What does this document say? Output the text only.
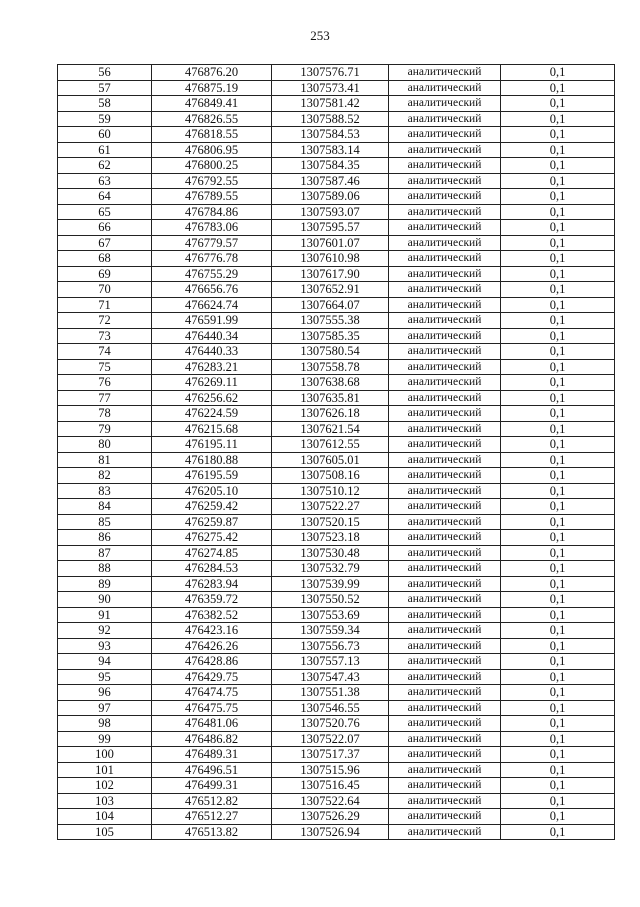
253
56	476876.20	1307576.71	аналитический	0,1
57	476875.19	1307573.41	аналитический	0,1
58	476849.41	1307581.42	аналитический	0,1
59	476826.55	1307588.52	аналитический	0,1
60	476818.55	1307584.53	аналитический	0,1
61	476806.95	1307583.14	аналитический	0,1
62	476800.25	1307584.35	аналитический	0,1
63	476792.55	1307587.46	аналитический	0,1
64	476789.55	1307589.06	аналитический	0,1
65	476784.86	1307593.07	аналитический	0,1
66	476783.06	1307595.57	аналитический	0,1
67	476779.57	1307601.07	аналитический	0,1
68	476776.78	1307610.98	аналитический	0,1
69	476755.29	1307617.90	аналитический	0,1
70	476656.76	1307652.91	аналитический	0,1
71	476624.74	1307664.07	аналитический	0,1
72	476591.99	1307555.38	аналитический	0,1
73	476440.34	1307585.35	аналитический	0,1
74	476440.33	1307580.54	аналитический	0,1
75	476283.21	1307558.78	аналитический	0,1
76	476269.11	1307638.68	аналитический	0,1
77	476256.62	1307635.81	аналитический	0,1
78	476224.59	1307626.18	аналитический	0,1
79	476215.68	1307621.54	аналитический	0,1
80	476195.11	1307612.55	аналитический	0,1
81	476180.88	1307605.01	аналитический	0,1
82	476195.59	1307508.16	аналитический	0,1
83	476205.10	1307510.12	аналитический	0,1
84	476259.42	1307522.27	аналитический	0,1
85	476259.87	1307520.15	аналитический	0,1
86	476275.42	1307523.18	аналитический	0,1
87	476274.85	1307530.48	аналитический	0,1
88	476284.53	1307532.79	аналитический	0,1
89	476283.94	1307539.99	аналитический	0,1
90	476359.72	1307550.52	аналитический	0,1
91	476382.52	1307553.69	аналитический	0,1
92	476423.16	1307559.34	аналитический	0,1
93	476426.26	1307556.73	аналитический	0,1
94	476428.86	1307557.13	аналитический	0,1
95	476429.75	1307547.43	аналитический	0,1
96	476474.75	1307551.38	аналитический	0,1
97	476475.75	1307546.55	аналитический	0,1
98	476481.06	1307520.76	аналитический	0,1
99	476486.82	1307522.07	аналитический	0,1
100	476489.31	1307517.37	аналитический	0,1
101	476496.51	1307515.96	аналитический	0,1
102	476499.31	1307516.45	аналитический	0,1
103	476512.82	1307522.64	аналитический	0,1
104	476512.27	1307526.29	аналитический	0,1
105	476513.82	1307526.94	аналитический	0,1
